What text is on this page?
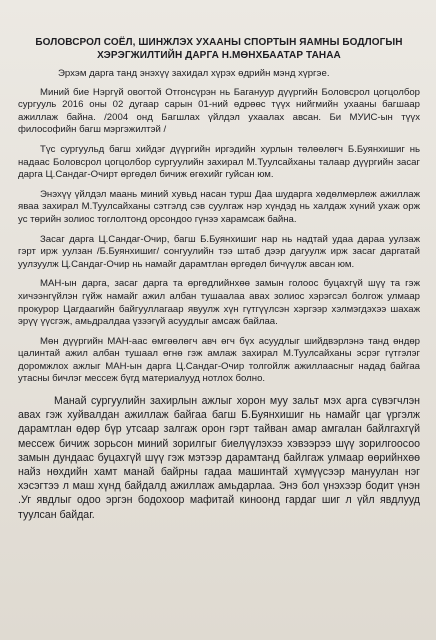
БОЛОВСРОЛ СОЁЛ, ШИНЖЛЭХ УХААНЫ СПОРТЫН ЯАМНЫ БОДЛОГЫН
ХЭРЭГЖИЛТИЙН ДАРГА Н.МӨНХБААТАР ТАНАА
Эрхэм дарга танд энэхүү захидал хүрэх өдрийн мэнд хүргэе.

Миний бие Нэргүй овогтой Отгонсүрэн нь Багануур дүүргийн Боловсрол цогцолбор сургууль 2016 оны 02 дугаар сарын 01-ний өдрөөс түүх нийгмийн ухааны багшаар ажиллаж байна. /2004 онд Багшлах үйлдэл ухаалах авсан. Би МУИС-ын түүх философийн багш мэргэжилтэй /

Түс сургуульд багш хийдэг дүүргийн иргэдийн хурлын төлөөлөгч Б.Буянхишиг нь надаас Боловсрол цогцолбор сургуулийн захирал М.Туулсайханы талаар дүүргийн засаг дарга Ц.Сандаг-Очирт өргөдөл бичиж өгөхийг гуйсан юм.

Энэхүү үйлдэл маань миний хувьд насан турш Даа шударга хөдөлмөрлөж ажиллаж яваа захирал М.Туулсайханы сэтгэлд сэв суулгаж нэр хүндэд нь халдаж хүний ухаж орж ус төрийн золиос тоглолтонд орсондоо гүнээ харамсаж байна.

Засаг дарга Ц.Сандаг-Очир, багш Б.Буянхишиг нар нь надтай удаа дараа уулзаж гэрт ирж уулзан /Б.Буянхишиг/ сонгуулийн тээ штаб дээр дагуулж ирж засаг даргатай уулзуулж Ц.Сандаг-Очир нь намайг дарамтлан өргөдөл бичүүлж авсан юм.

МАН-ын дарга, засаг дарга та өргөдлийнхөө замын голоос буцахгүй шүү та гэж хичээнгүйлэн гүйж намайг ажил албан тушаалаа авах золиос хэрэгсэл болгож улмаар прокурор Цагдаагийн байгууллагаар явуулж хүн гүтгүүлсэн хэргээр хэлмэгдэхээ шахаж эрүү үүсгэж, амьдралдаа үзээгүй асуудлыг амсаж байлаа.

Мөн дүүргийн МАН-аас өмгөөлөгч авч өгч бүх асуудлыг шийдвэрлэнэ танд өндөр цалинтай ажил албан тушаал өгнө гэж амлаж захирал М.Туулсайханы эсрэг гүтгэлэг доромжлох ажлыг МАН-ын дарга Ц.Сандаг-Очир толгойлж ажиллаасныг надад байгаа утасны бичлэг мессеж бүгд материалууд нотлох болно.

Манай сургуулийн захирлын ажлыг хорон муу зальт мэх арга сүвэгчлэн авах гэж хуйвалдан ажиллаж байгаа багш Б.Буянхишиг нь намайг цаг үргэлж дарамтлан өдөр бүр утсаар залгаж орон гэрт тайван амар амгалан байлгахгүй мессеж бичиж зорьсон миний зорилгыг биелүүлэхээ хэвээрээ шүү зорилгоосоо замын дундаас буцахгүй шүү гэж мэтээр дарамтанд байлгаж улмаар өөрийнхөө найз нөхдийн хамт манай байрны гадаа машинтай хүмүүсээр мануулан нэг хэсэгтээ л маш хүнд байдалд ажиллаж амьдарлаа. Энэ бол үнэхээр бодит үнэн .Уг явдлыг одоо эргэн бодохоор мафитай киноонд гардаг шиг л үйл явдлууд туулсан байдаг.
